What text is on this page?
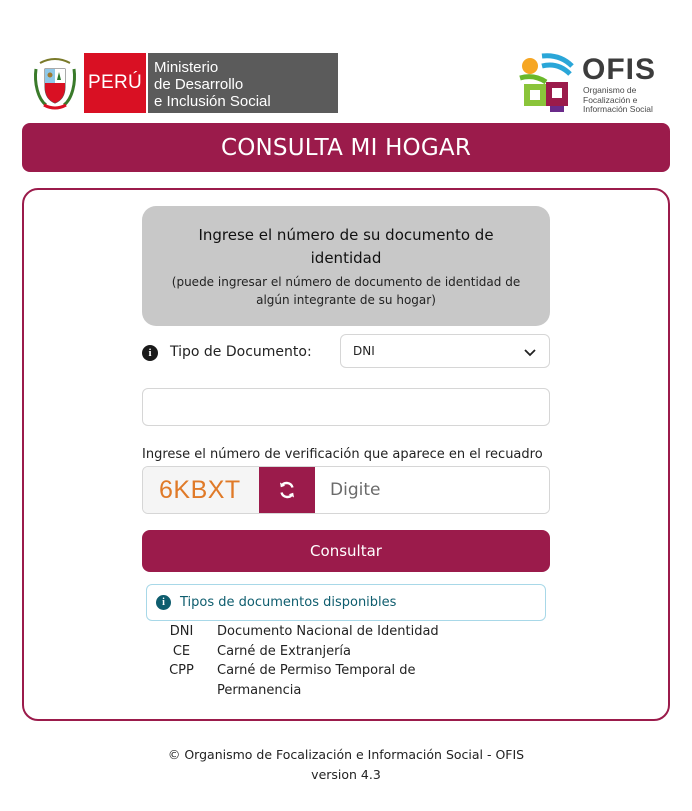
PERÚ
Ministerio
de Desarrollo
e Inclusión Social
OFIS
Organismo de
Focalización e
Información Social
CONSULTA MI HOGAR
Ingrese el número de su documento de identidad
(puede ingresar el número de documento de identidad de algún integrante de su hogar)
i	Tipo de Documento:	DNI
Ingrese el número de verificación que aparece en el recuadro
6KBXT
Digite
Consultar
i	Tipos de documentos disponibles
DNI	Documento Nacional de Identidad
CE	Carné de Extranjería
CPP	Carné de Permiso Temporal de Permanencia
© Organismo de Focalización e Información Social - OFIS
version 4.3
